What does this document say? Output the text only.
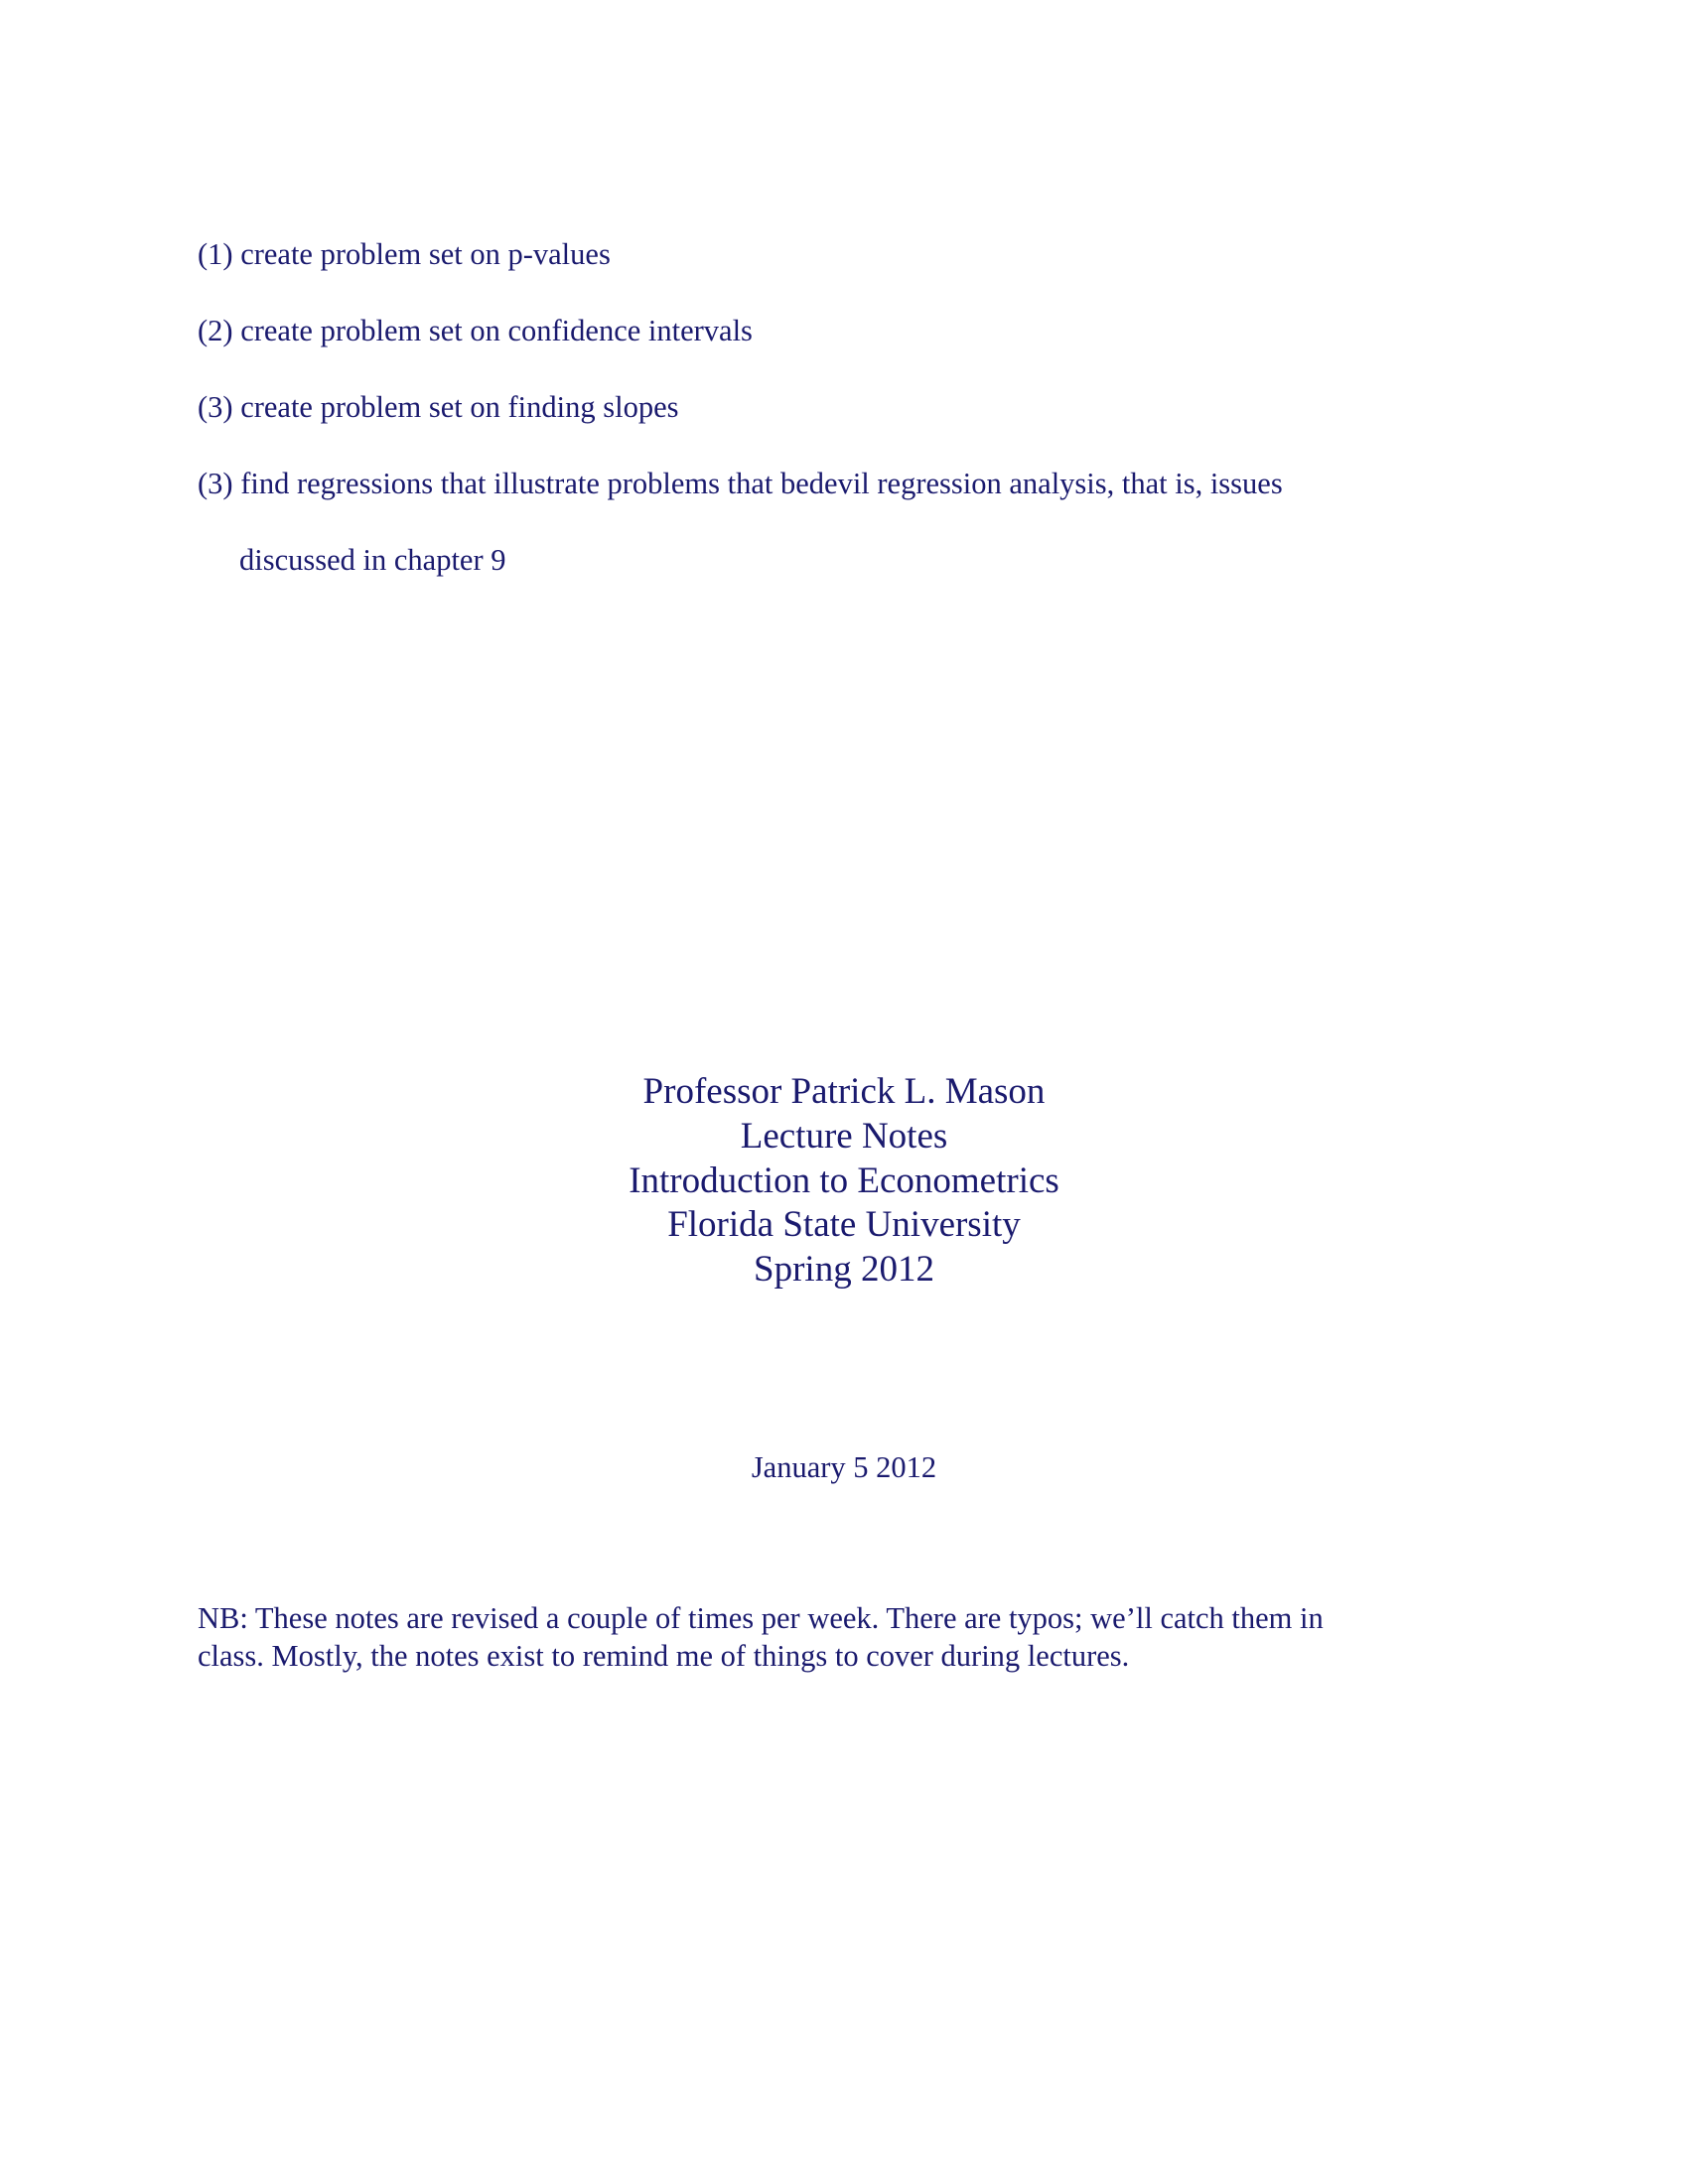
(1) create problem set on p-values
(2) create problem set on confidence intervals
(3) create problem set on finding slopes
(3) find regressions that illustrate problems that bedevil regression analysis, that is, issues
discussed in chapter 9
Professor Patrick L. Mason
Lecture Notes
Introduction to Econometrics
Florida State University
Spring 2012
January 5 2012
NB: These notes are revised a couple of times per week. There are typos; we’ll catch them in
class. Mostly, the notes exist to remind me of things to cover during lectures.
